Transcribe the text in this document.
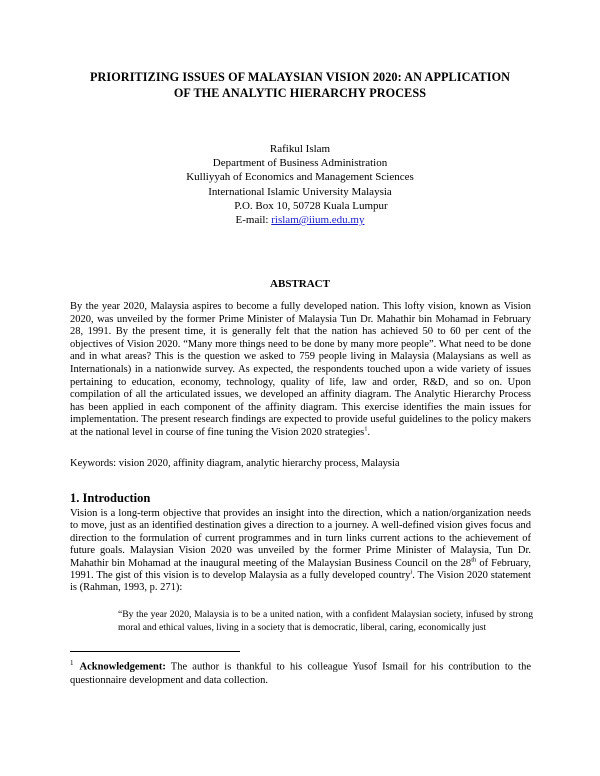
PRIORITIZING ISSUES OF MALAYSIAN VISION 2020: AN APPLICATION
OF THE ANALYTIC HIERARCHY PROCESS
Rafikul Islam
Department of Business Administration
Kulliyyah of Economics and Management Sciences
International Islamic University Malaysia
P.O. Box 10, 50728 Kuala Lumpur
E-mail: rislam@iium.edu.my
ABSTRACT

By the year 2020, Malaysia aspires to become a fully developed nation. This lofty vision, known as Vision 2020, was unveiled by the former Prime Minister of Malaysia Tun Dr. Mahathir bin Mohamad in February 28, 1991. By the present time, it is generally felt that the nation has achieved 50 to 60 per cent of the objectives of Vision 2020. “Many more things need to be done by many more people”. What need to be done and in what areas? This is the question we asked to 759 people living in Malaysia (Malaysians as well as Internationals) in a nationwide survey. As expected, the respondents touched upon a wide variety of issues pertaining to education, economy, technology, quality of life, law and order, R&D, and so on. Upon compilation of all the articulated issues, we developed an affinity diagram. The Analytic Hierarchy Process has been applied in each component of the affinity diagram. This exercise identifies the main issues for implementation. The present research findings are expected to provide useful guidelines to the policy makers at the national level in course of fine tuning the Vision 2020 strategies$^1$.

Keywords: vision 2020, affinity diagram, analytic hierarchy process, Malaysia
1. Introduction

Vision is a long-term objective that provides an insight into the direction, which a nation/organization needs to move, just as an identified destination gives a direction to a journey. A well-defined vision gives focus and direction to the formulation of current programmes and in turn links current actions to the achievement of future goals. Malaysian Vision 2020 was unveiled by the former Prime Minister of Malaysia, Tun Dr. Mahathir bin Mohamad at the inaugural meeting of the Malaysian Business Council on the 28th of February, 1991. The gist of this vision is to develop Malaysia as a fully developed country$^i$. The Vision 2020 statement is (Rahman, 1993, p. 271):

“By the year 2020, Malaysia is to be a united nation, with a confident Malaysian society, infused by strong moral and ethical values, living in a society that is democratic, liberal, caring, economically just

$^1$ Acknowledgement: The author is thankful to his colleague Yusof Ismail for his contribution to the questionnaire development and data collection.
